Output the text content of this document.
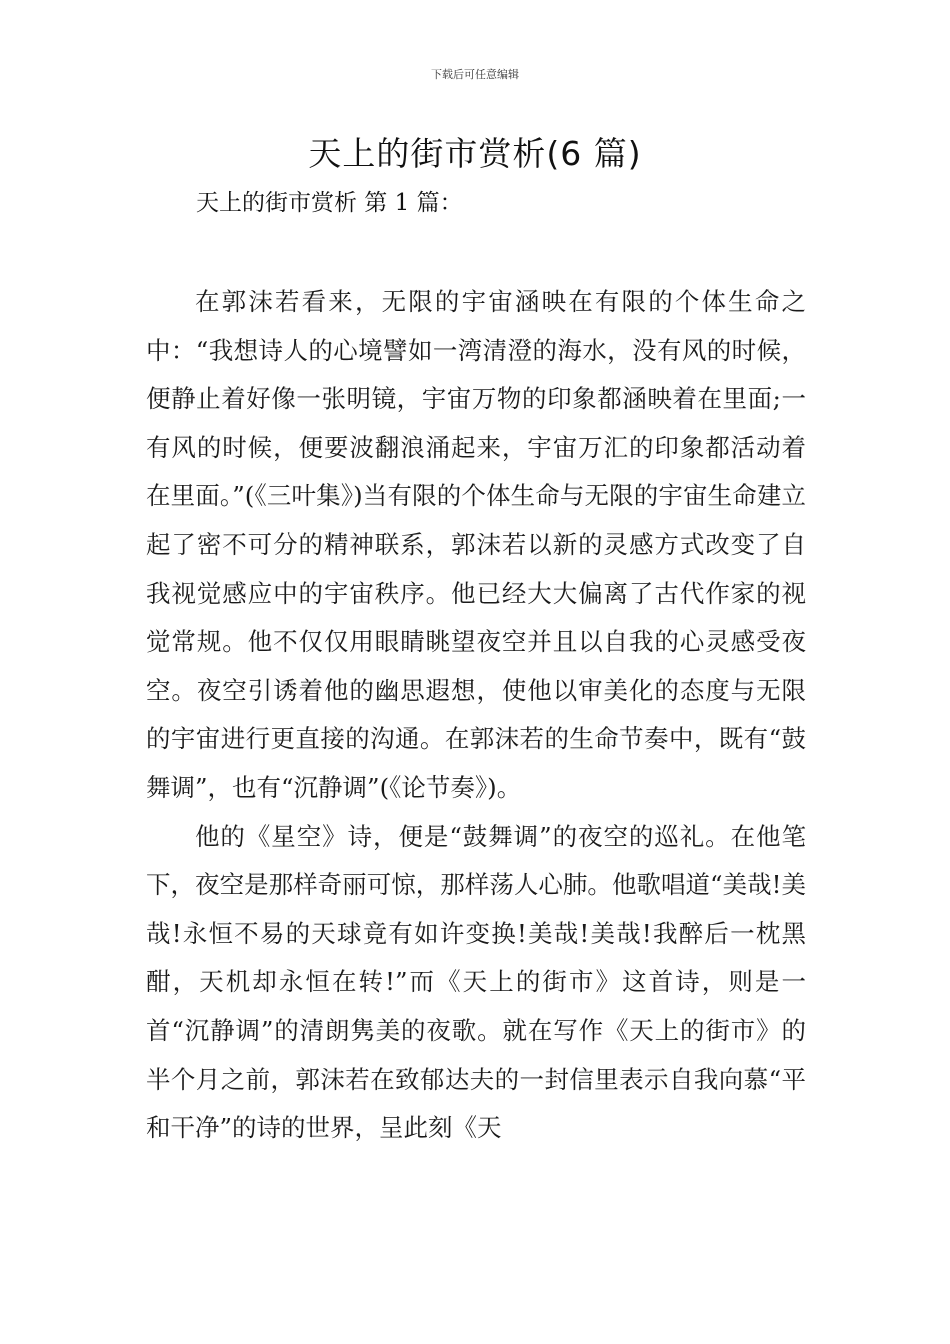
下载后可任意编辑
天上的街市赏析(6 篇)
天上的街市赏析 第 1 篇：

在郭沫若看来，无限的宇宙涵映在有限的个体生命之中：“我想诗人的心境譬如一湾清澄的海水，没有风的时候，便静止着好像一张明镜，宇宙万物的印象都涵映着在里面;一有风的时候，便要波翻浪涌起来，宇宙万汇的印象都活动着在里面。”(《三叶集》)当有限的个体生命与无限的宇宙生命建立起了密不可分的精神联系，郭沫若以新的灵感方式改变了自我视觉感应中的宇宙秩序。他已经大大偏离了古代作家的视觉常规。他不仅仅用眼睛眺望夜空并且以自我的心灵感受夜空。夜空引诱着他的幽思遐想，使他以审美化的态度与无限的宇宙进行更直接的沟通。在郭沫若的生命节奏中，既有“鼓舞调”，也有“沉静调”(《论节奏》)。

他的《星空》诗，便是“鼓舞调”的夜空的巡礼。在他笔下，夜空是那样奇丽可惊，那样荡人心肺。他歌唱道“美哉!美哉!永恒不易的天球竟有如许变换!美哉!美哉!我醉后一枕黑酣，天机却永恒在转!”而《天上的街市》这首诗，则是一首“沉静调”的清朗隽美的夜歌。就在写作《天上的街市》的半个月之前，郭沫若在致郁达夫的一封信里表示自我向慕“平和干净”的诗的世界，呈此刻《天
